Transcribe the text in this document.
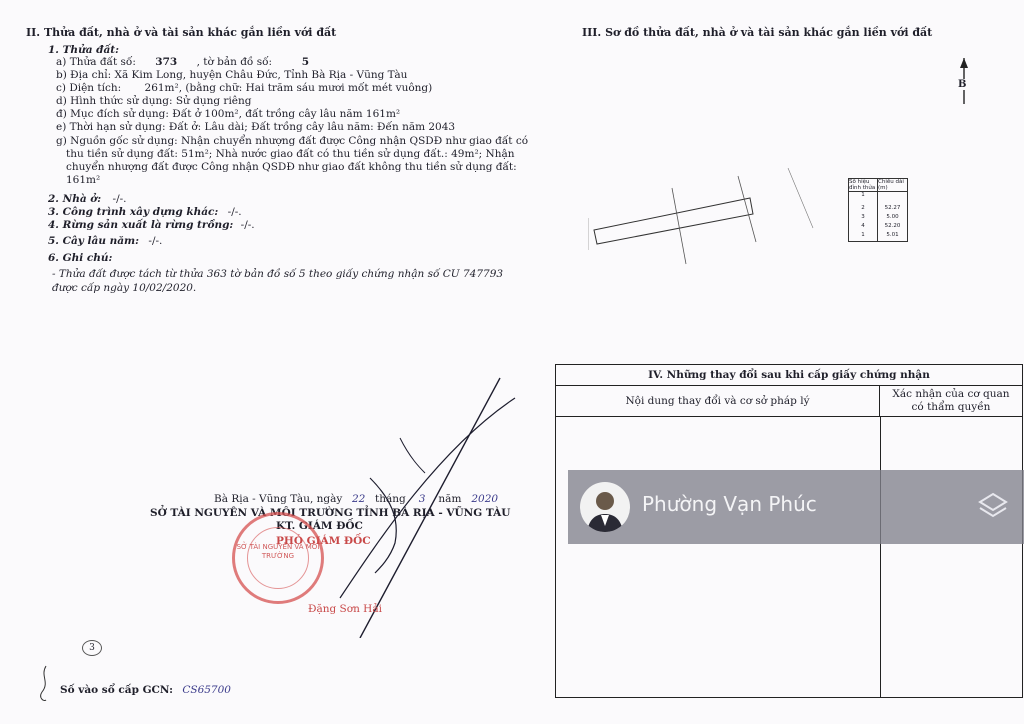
II. Thửa đất, nhà ở và tài sản khác gắn liền với đất
1. Thửa đất:
a) Thửa đất số: 373 , tờ bản đồ số:	5
b) Địa chỉ: Xã Kim Long, huyện Châu Đức, Tỉnh Bà Rịa - Vũng Tàu
c) Diện tích: 261m², (bằng chữ: Hai trăm sáu mươi mốt mét vuông)
d) Hình thức sử dụng: Sử dụng riêng
đ) Mục đích sử dụng: Đất ở 100m², đất trồng cây lâu năm 161m²
e) Thời hạn sử dụng: Đất ở: Lâu dài; Đất trồng cây lâu năm: Đến năm 2043
g) Nguồn gốc sử dụng: Nhận chuyển nhượng đất được Công nhận QSDĐ như giao đất có
thu tiền sử dụng đất: 51m²; Nhà nước giao đất có thu tiền sử dụng đất.: 49m²; Nhận
chuyển nhượng đất được Công nhận QSDĐ như giao đất không thu tiền sử dụng đất:
161m²
2. Nhà ở: -/-.
3. Công trình xây dựng khác: -/-.
4. Rừng sản xuất là rừng trồng: -/-.
5. Cây lâu năm: -/-.
6. Ghi chú:
- Thửa đất được tách từ thửa 363 tờ bản đồ số 5 theo giấy chứng nhận số CU 747793
được cấp ngày 10/02/2020.
Bà Rịa - Vũng Tàu, ngày 22 tháng 3 năm 2020
SỞ TÀI NGUYÊN VÀ MÔI TRƯỜNG TỈNH BÀ RỊA - VŨNG TÀU
KT. GIÁM ĐỐC
PHÓ GIÁM ĐỐC
SỞ TÀI NGUYÊN VÀ MÔI TRƯỜNG
Đặng Sơn Hải
3
Số vào sổ cấp GCN: CS65700
III. Sơ đồ thửa đất, nhà ở và tài sản khác gắn liền với đất
B
Số hiệu đỉnh thửa
Chiều dài (m)
1
2	52.27
3	5.00
4	52.20
1	5.01
IV. Những thay đổi sau khi cấp giấy chứng nhận
Nội dung thay đổi và cơ sở pháp lý
Xác nhận của cơ quan
có thẩm quyền
Phường Vạn Phúc
